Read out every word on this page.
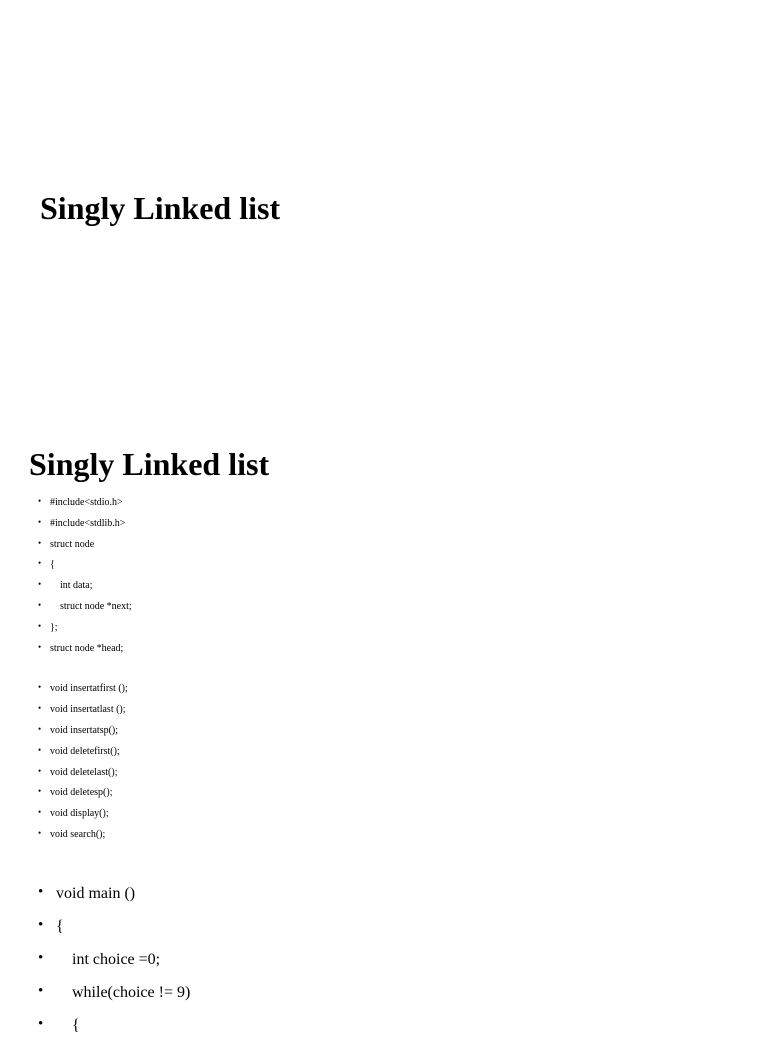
Singly Linked list
Singly Linked list
• #include<stdio.h>
• #include<stdlib.h>
• struct node
• {
• int data;
• struct node *next;
• };
• struct node *head;
• void insertatfirst ();
• void insertatlast ();
• void insertatsp();
• void deletefirst();
• void deletelast();
• void deletesp();
• void display();
• void search();
• void main ()
• {
• int choice =0;
• while(choice != 9)
• {
